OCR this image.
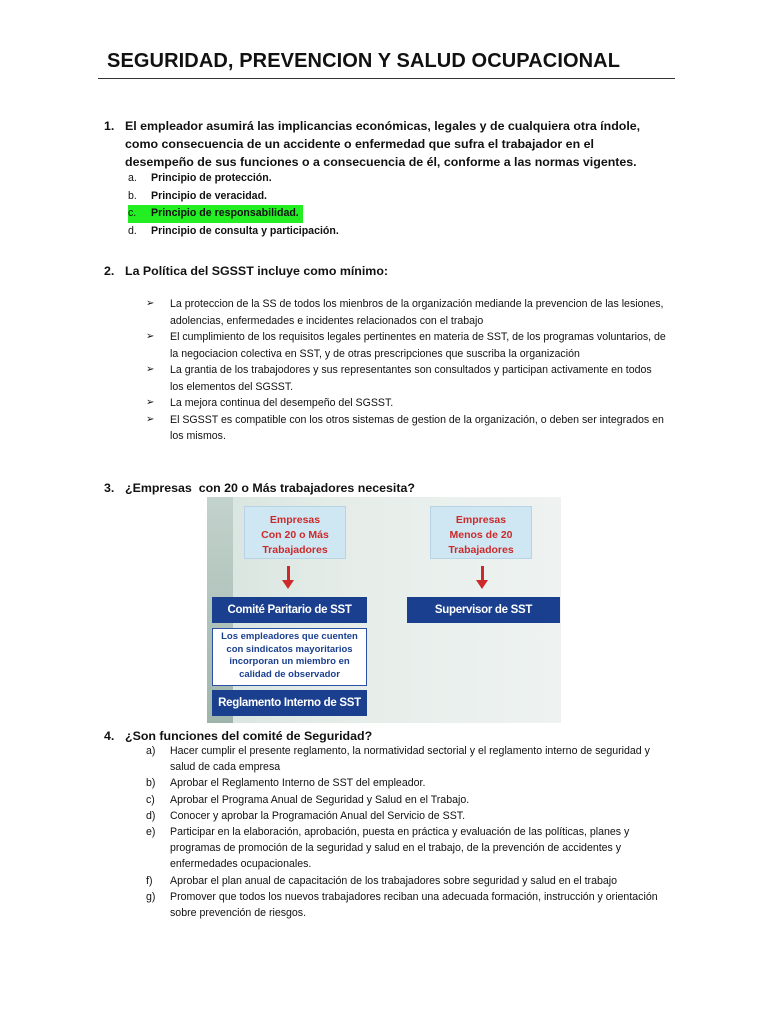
SEGURIDAD, PREVENCION Y SALUD OCUPACIONAL
1. El empleador asumirá las implicancias económicas, legales y de cualquiera otra índole, como consecuencia de un accidente o enfermedad que sufra el trabajador en el desempeño de sus funciones o a consecuencia de él, conforme a las normas vigentes.
a. Principio de protección.
b. Principio de veracidad.
c. Principio de responsabilidad.
d. Principio de consulta y participación.
2. La Política del SGSST incluye como mínimo:
➢ La proteccion de la SS de todos los mienbros de la organización mediande la prevencion de las lesiones, adolencias, enfermedades e incidentes relacionados con el trabajo
➢ El cumplimiento de los requisitos legales pertinentes en materia de SST, de los programas voluntarios, de la negociacion colectiva en SST, y de otras prescripciones que suscriba la organización
➢ La grantia de los trabajodores y sus representantes son consultados y participan activamente en todos los elementos del SGSST.
➢ La mejora continua del desempeño del SGSST.
➢ El SGSST es compatible con los otros sistemas de gestion de la organización, o deben ser integrados en los mismos.
3. ¿Empresas  con 20 o Más trabajadores necesita?
Empresas
Con 20 o Más
Trabajadores
Empresas
Menos de 20
Trabajadores
Comité Paritario de SST	Supervisor de SST
Los empleadores que cuenten con sindicatos mayoritarios incorporan un miembro en calidad de observador
Reglamento Interno de SST
4. ¿Son funciones del comité de Seguridad?
a) Hacer cumplir el presente reglamento, la normatividad sectorial y el reglamento interno de seguridad y salud de cada empresa
b) Aprobar el Reglamento Interno de SST del empleador.
c) Aprobar el Programa Anual de Seguridad y Salud en el Trabajo.
d) Conocer y aprobar la Programación Anual del Servicio de SST.
e) Participar en la elaboración, aprobación, puesta en práctica y evaluación de las políticas, planes y programas de promoción de la seguridad y salud en el trabajo, de la prevención de accidentes y enfermedades ocupacionales.
f) Aprobar el plan anual de capacitación de los trabajadores sobre seguridad y salud en el trabajo
g) Promover que todos los nuevos trabajadores reciban una adecuada formación, instrucción y orientación sobre prevención de riesgos.
